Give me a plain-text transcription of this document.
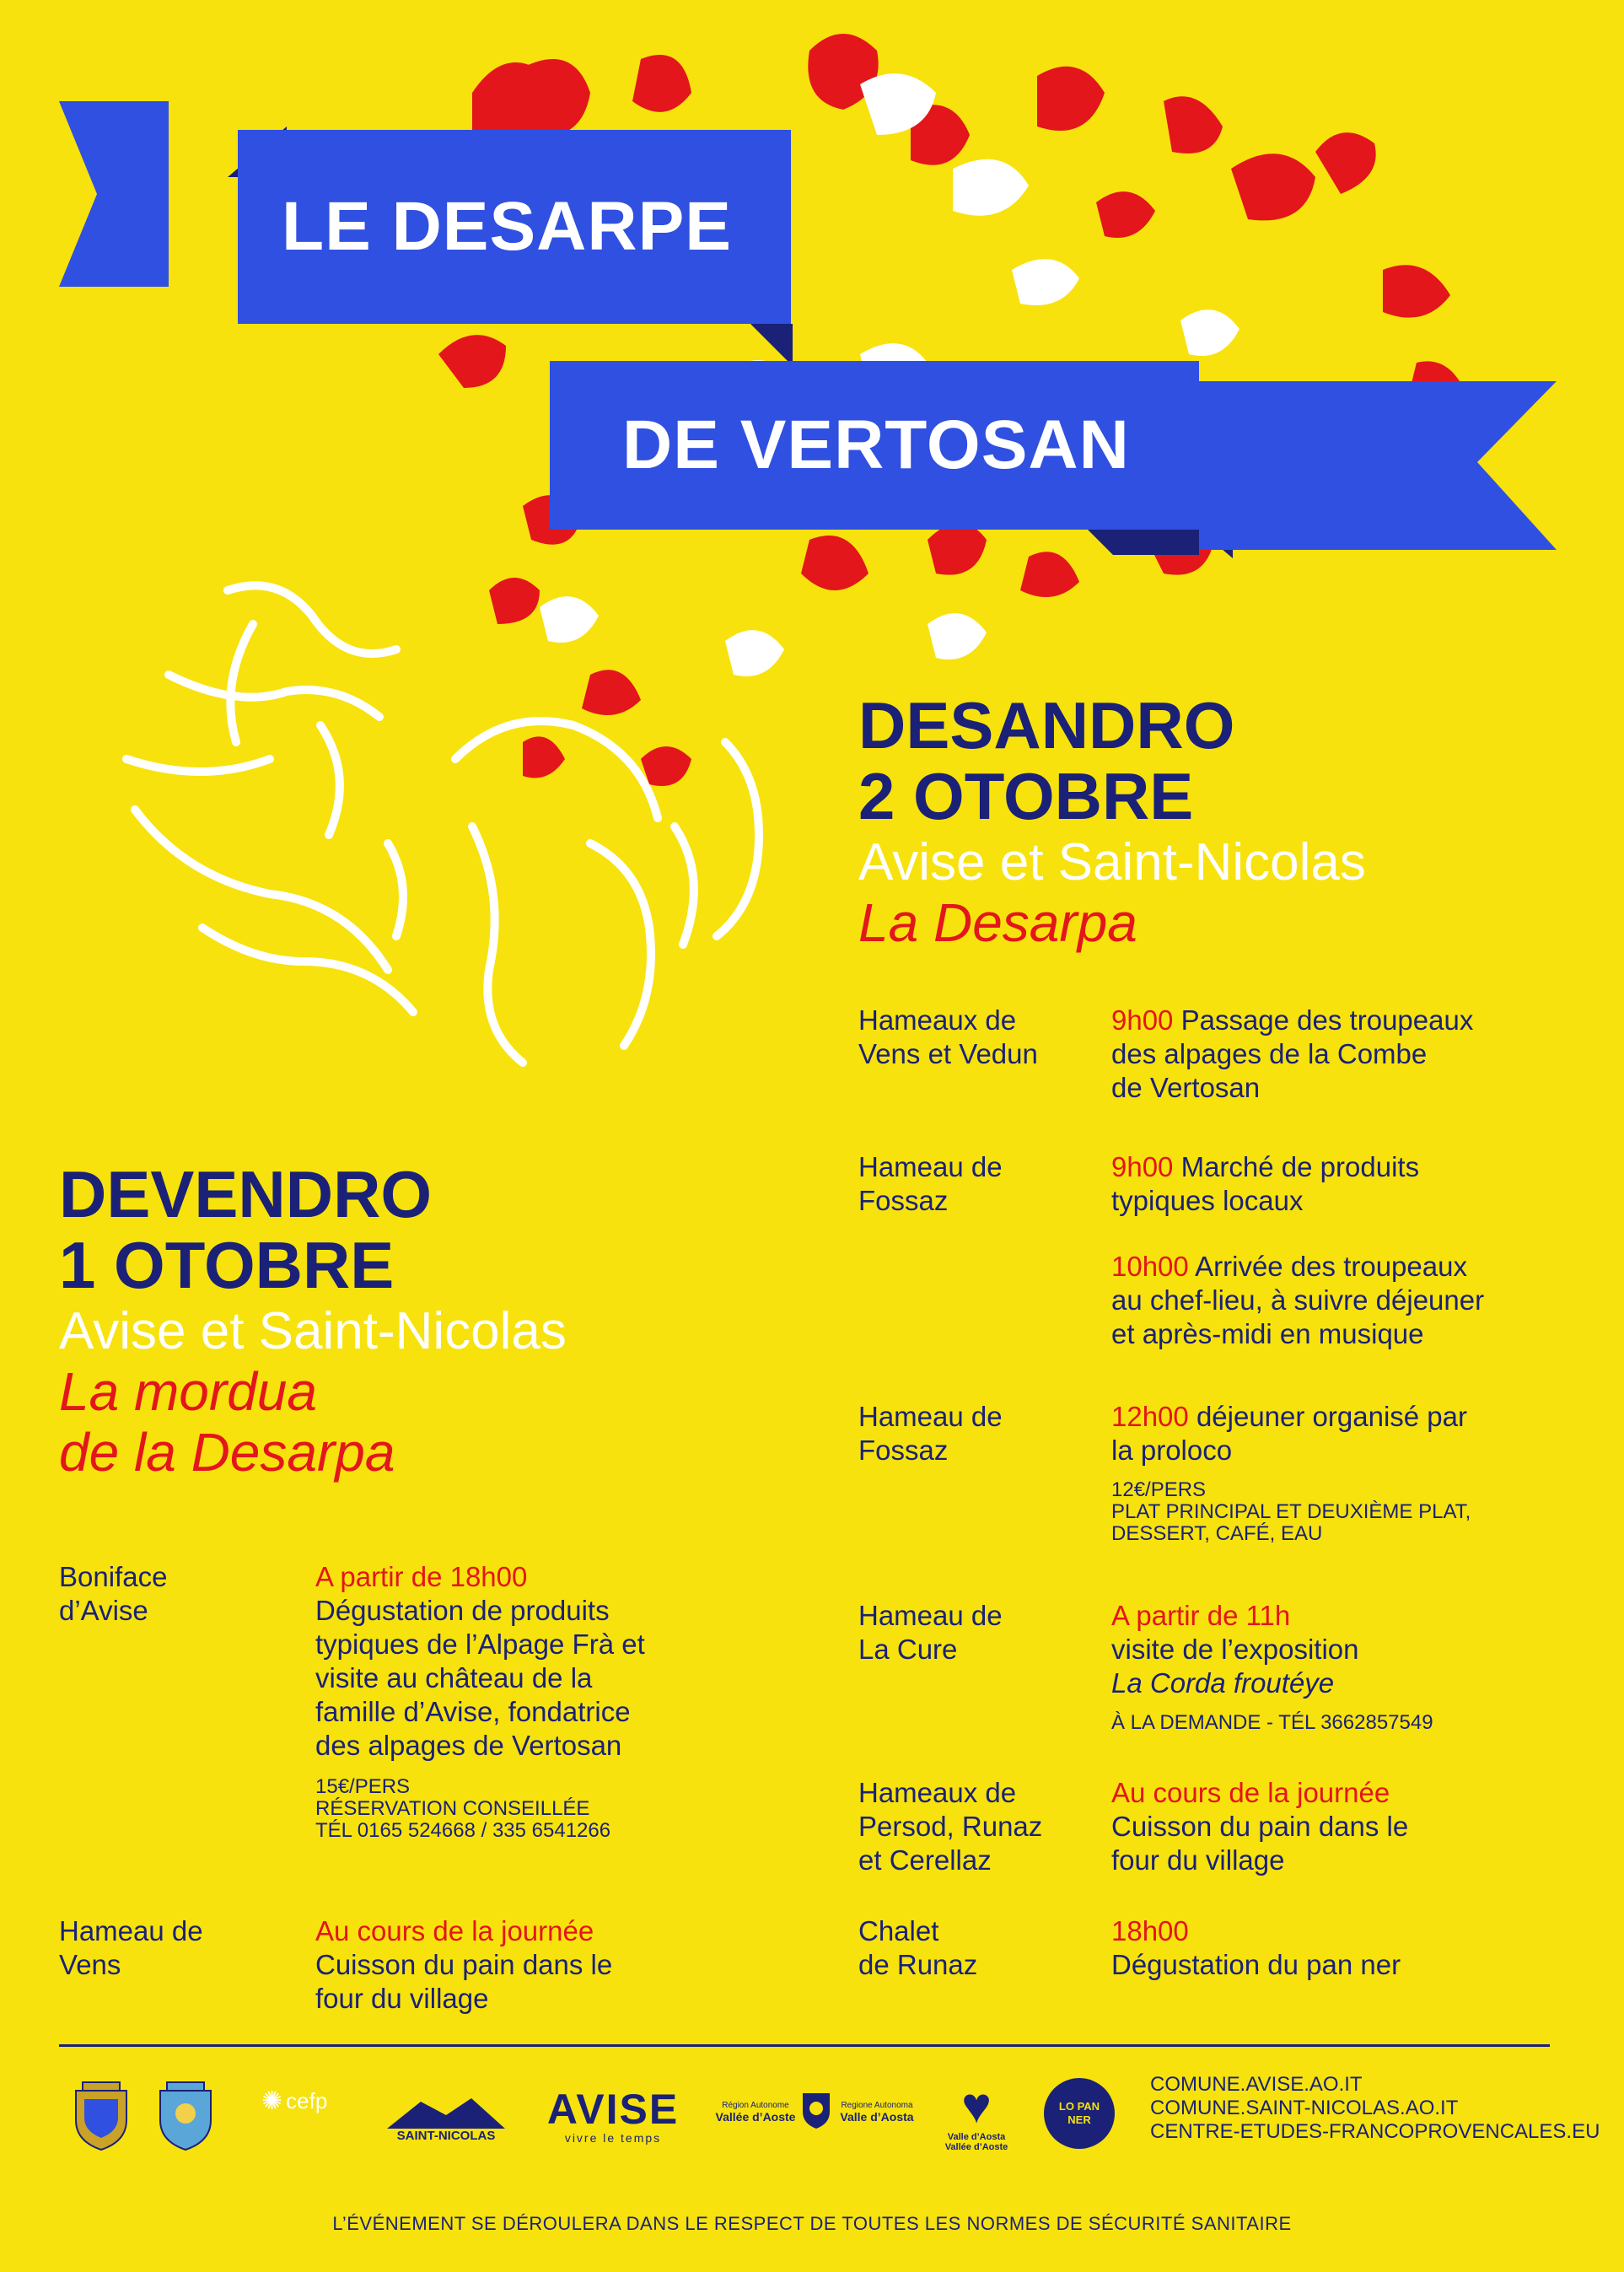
LE DESARPE
DE VERTOSAN
DESANDRO
2 OTOBRE
Avise et Saint-Nicolas
La Desarpa
Hameaux de
Vens et Vedun
9h00 Passage des troupeaux
des alpages de la Combe
de Vertosan
Hameau de
Fossaz
9h00 Marché de produits
typiques locaux
10h00 Arrivée des troupeaux
au chef-lieu, à suivre déjeuner
et après-midi en musique
Hameau de
Fossaz
12h00 déjeuner organisé par
la proloco
12€/PERS
PLAT PRINCIPAL ET DEUXIÈME PLAT,
DESSERT, CAFÉ, EAU
Hameau de
La Cure
A partir de 11h
visite de l’exposition
La Corda froutéye
À LA DEMANDE - TÉL 3662857549
Hameaux de
Persod, Runaz
et Cerellaz
Au cours de la journée
Cuisson du pain dans le
four du village
Chalet
de Runaz
18h00
Dégustation du pan ner
DEVENDRO
1 OTOBRE
Avise et Saint-Nicolas
La mordua
de la Desarpa
Boniface
d’Avise
A partir de 18h00
Dégustation de produits
typiques de l’Alpage Frà et
visite au château de la
famille d’Avise, fondatrice
des alpages de Vertosan
15€/PERS
RÉSERVATION CONSEILLÉE
TÉL 0165 524668 / 335 6541266
Hameau de
Vens
Au cours de la journée
Cuisson du pain dans le
four du village
✺ cefp
SAINT-NICOLAS
AVISE
vivre le temps
Région Autonome
Vallée d’Aoste
Regione Autonoma
Valle d’Aosta ♥
Valle d’Aosta
Vallée d’Aoste
LO PAN NER
COMUNE.AVISE.AO.IT
COMUNE.SAINT-NICOLAS.AO.IT
CENTRE-ETUDES-FRANCOPROVENCALES.EU
L’ÉVÉNEMENT SE DÉROULERA DANS LE RESPECT DE TOUTES LES NORMES DE SÉCURITÉ SANITAIRE
